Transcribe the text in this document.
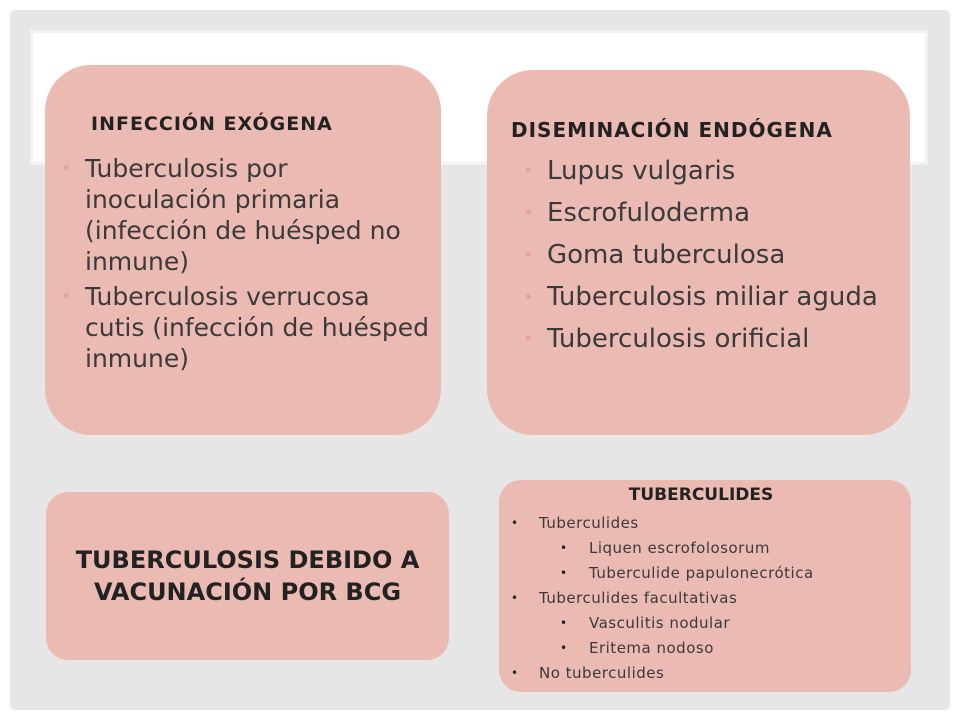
INFECCIÓN EXÓGENA
• Tuberculosis por inoculación primaria (infección de huésped no inmune)
• Tuberculosis verrucosa cutis (infección de huésped inmune)
DISEMINACIÓN ENDÓGENA
• Lupus vulgaris
• Escrofuloderma
• Goma tuberculosa
• Tuberculosis miliar aguda
• Tuberculosis orificial
TUBERCULOSIS DEBIDO A VACUNACIÓN POR BCG
TUBERCULIDES
• Tuberculides
• Liquen escrofolosorum
• Tuberculide papulonecrótica
• Tuberculides facultativas
• Vasculitis nodular
• Eritema nodoso
• No tuberculides
